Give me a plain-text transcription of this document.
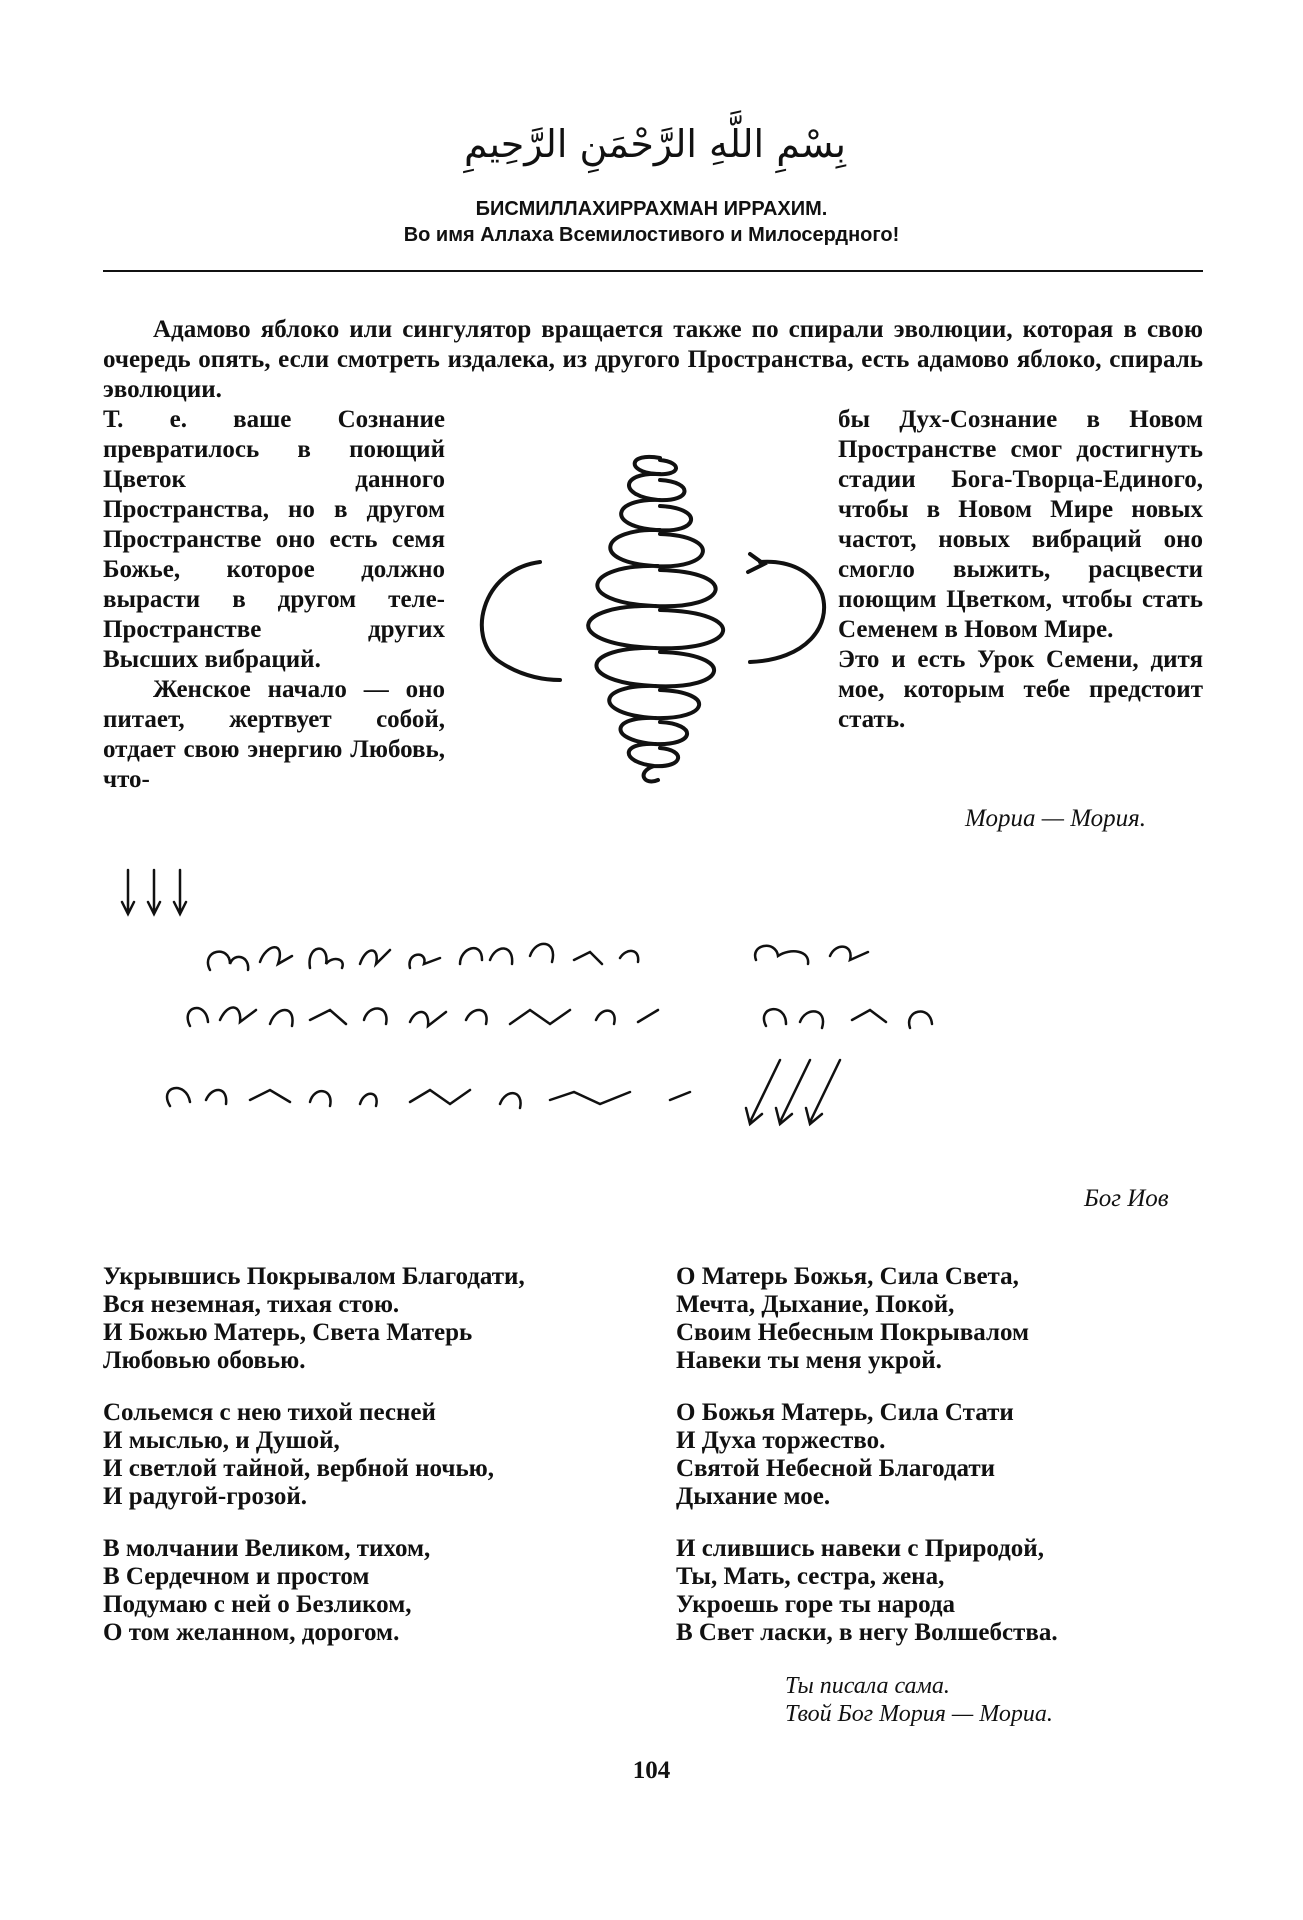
بِسْمِ اللَّهِ الرَّحْمَنِ الرَّحِيمِ
БИСМИЛЛАХИРРАХМАН ИРРАХИМ.
Во имя Аллаха Всемилостивого и Милосердного!

Адамово яблоко или сингулятор вращается также по спирали эволюции, которая в свою очередь опять, если смотреть издалека, из другого Пространства, есть адамово яблоко, спираль эволюции.

Т. е. ваше Сознание превратилось в поющий Цветок данного Пространства, но в другом Пространстве оно есть семя Божье, которое должно вырасти в другом теле-Пространстве других Высших вибраций.

Женское начало — оно питает, жертвует собой, отдает свою энергию Любовь, что-

бы Дух-Сознание в Новом Пространстве смог достигнуть стадии Бога-Творца-Единого, чтобы в Новом Мире новых частот, новых вибраций оно смогло выжить, расцвести поющим Цветком, чтобы стать Семенем в Новом Мире.

Это и есть Урок Семени, дитя мое, которым тебе предстоит стать.

Мориа — Мория.
Бог Иов
Укрывшись Покрывалом Благодати,
Вся неземная, тихая стою.
И Божью Матерь, Света Матерь
Любовью обовью.
Сольемся с нею тихой песней
И мыслью, и Душой,
И светлой тайной, вербной ночью,
И радугой-грозой.
В молчании Великом, тихом,
В Сердечном и простом
Подумаю с ней о Безликом,
О том желанном, дорогом.
О Матерь Божья, Сила Света,
Мечта, Дыхание, Покой,
Своим Небесным Покрывалом
Навеки ты меня укрой.
О Божья Матерь, Сила Стати
И Духа торжество.
Святой Небесной Благодати
Дыхание мое.
И слившись навеки с Природой,
Ты, Мать, сестра, жена,
Укроешь горе ты народа
В Свет ласки, в негу Волшебства.
Ты писала сама.
Твой Бог Мория — Мориа.
104
